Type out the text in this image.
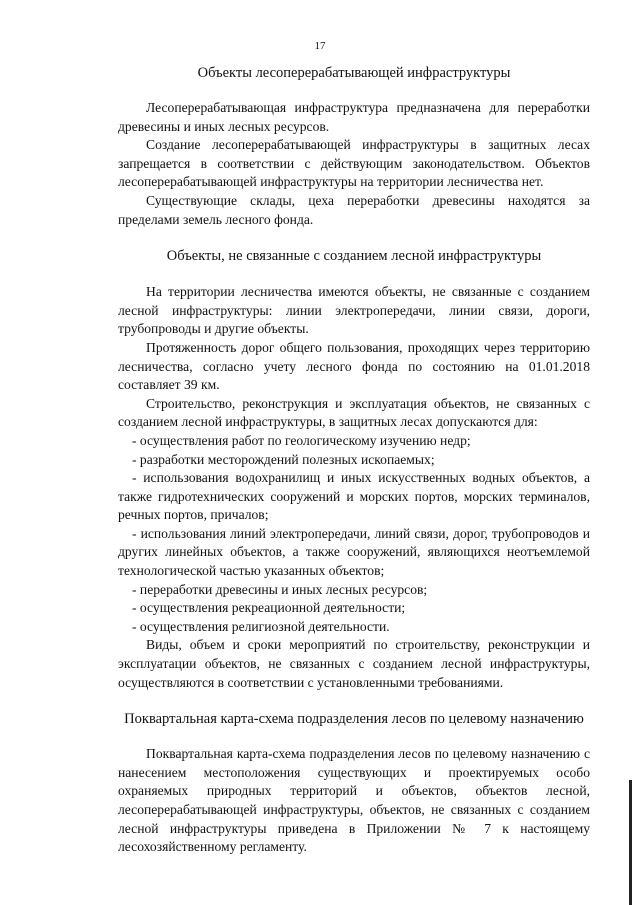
17
Объекты лесоперерабатывающей инфраструктуры

Лесоперерабатывающая инфраструктура предназначена для переработки древесины и иных лесных ресурсов.

Создание лесоперерабатывающей инфраструктуры в защитных лесах запрещается в соответствии с действующим законодательством. Объектов лесоперерабатывающей инфраструктуры на территории лесничества нет.

Существующие склады, цеха переработки древесины находятся за пределами земель лесного фонда.

Объекты, не связанные с созданием лесной инфраструктуры

На территории лесничества имеются объекты, не связанные с созданием лесной инфраструктуры: линии электропередачи, линии связи, дороги, трубопроводы и другие объекты.

Протяженность дорог общего пользования, проходящих через территорию лесничества, согласно учету лесного фонда по состоянию на 01.01.2018 составляет 39 км.

Строительство, реконструкция и эксплуатация объектов, не связанных с созданием лесной инфраструктуры, в защитных лесах допускаются для:

- осуществления работ по геологическому изучению недр;

- разработки месторождений полезных ископаемых;

- использования водохранилищ и иных искусственных водных объектов, а также гидротехнических сооружений и морских портов, морских терминалов, речных портов, причалов;

- использования линий электропередачи, линий связи, дорог, трубопроводов и других линейных объектов, а также сооружений, являющихся неотъемлемой технологической частью указанных объектов;

- переработки древесины и иных лесных ресурсов;

- осуществления рекреационной деятельности;

- осуществления религиозной деятельности.

Виды, объем и сроки мероприятий по строительству, реконструкции и эксплуатации объектов, не связанных с созданием лесной инфраструктуры, осуществляются в соответствии с установленными требованиями.

Поквартальная карта-схема подразделения лесов по целевому назначению

Поквартальная карта-схема подразделения лесов по целевому назначению с нанесением местоположения существующих и проектируемых особо охраняемых природных территорий и объектов, объектов лесной, лесоперерабатывающей инфраструктуры, объектов, не связанных с созданием лесной инфраструктуры приведена в Приложении № 7 к настоящему лесохозяйственному регламенту.
